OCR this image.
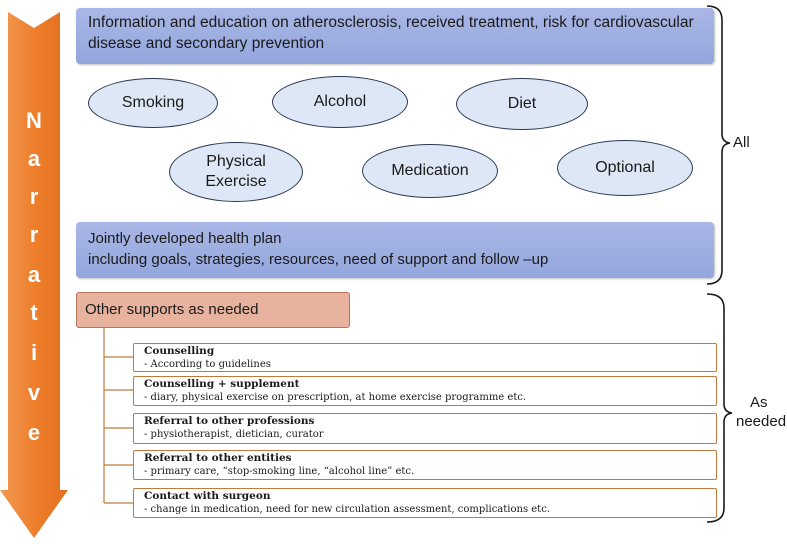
N
a
r
r
a
t
i
v
e
Information and education on atherosclerosis, received treatment, risk for cardiovascular disease and secondary prevention
Smoking	Alcohol	Diet
Physical Exercise
Medication	Optional
Jointly developed health plan
including goals, strategies, resources, need of support and follow –up
Other supports as needed
Counselling
- According to guidelines
Counselling + supplement
- diary, physical exercise on prescription, at home exercise programme etc.
Referral to other professions
- physiotherapist, dietician, curator
Referral to other entities
- primary care, “stop-smoking line, “alcohol line” etc.
Contact with surgeon
- change in medication, need for new circulation assessment, complications etc.
All
As
needed
